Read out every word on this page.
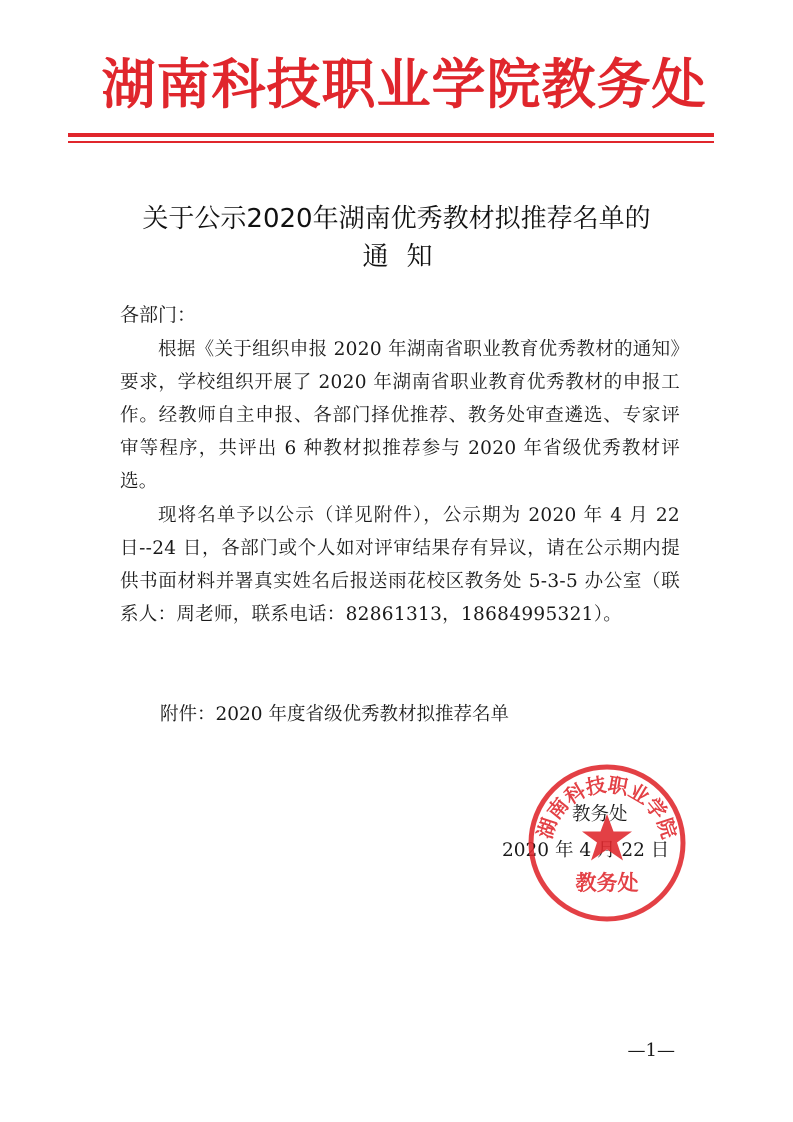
湖南科技职业学院教务处
关于公示2020年湖南优秀教材拟推荐名单的
通知
各部门：
根据《关于组织申报 2020 年湖南省职业教育优秀教材的通知》要求，学校组织开展了 2020 年湖南省职业教育优秀教材的申报工作。经教师自主申报、各部门择优推荐、教务处审查遴选、专家评审等程序，共评出 6 种教材拟推荐参与 2020 年省级优秀教材评选。
现将名单予以公示（详见附件），公示期为 2020 年 4 月 22 日--24 日，各部门或个人如对评审结果存有异议，请在公示期内提供书面材料并署真实姓名后报送雨花校区教务处 5-3-5 办公室（联系人：周老师，联系电话：82861313，18684995321）。
附件：2020 年度省级优秀教材拟推荐名单
教务处
2020 年 4 月 22 日
湖南科技职业学院
教务处
—1—
